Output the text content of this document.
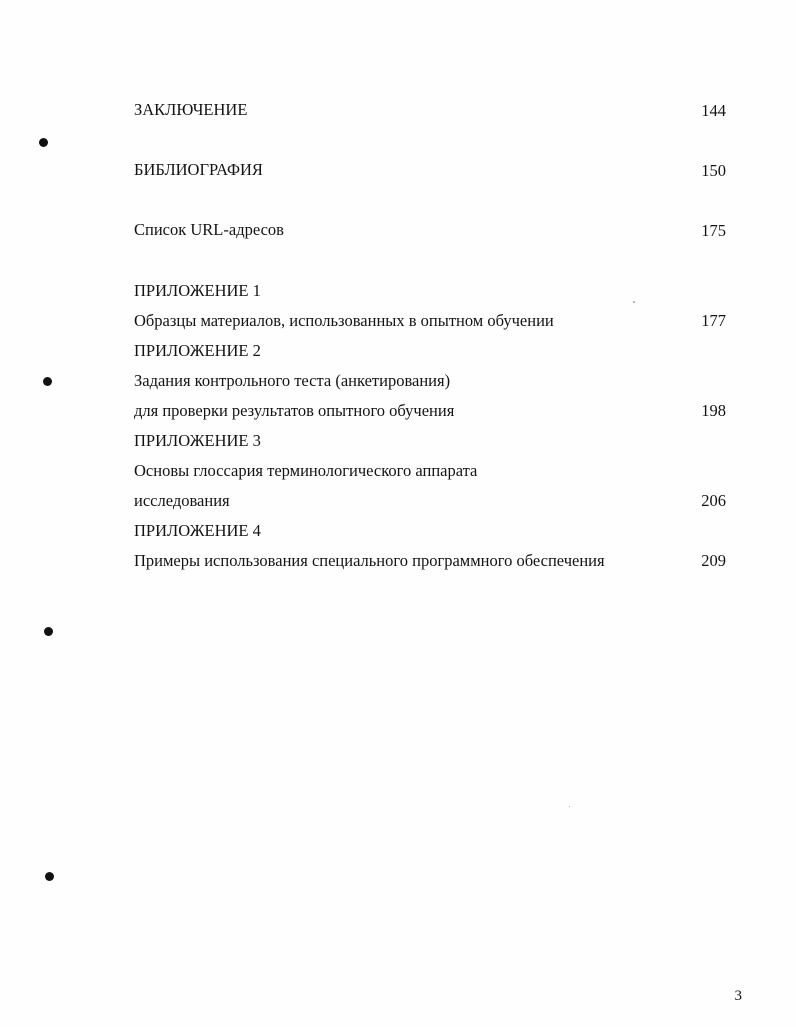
ЗАКЛЮЧЕНИЕ	144
БИБЛИОГРАФИЯ	150
Список URL-адресов	175
ПРИЛОЖЕНИЕ 1
Образцы материалов, использованных в опытном обучении	177
ПРИЛОЖЕНИЕ 2
Задания контрольного теста (анкетирования)
для проверки результатов опытного обучения	198
ПРИЛОЖЕНИЕ 3
Основы глоссария терминологического аппарата
исследования	206
ПРИЛОЖЕНИЕ 4
Примеры использования специального программного обеспечения	209
3
